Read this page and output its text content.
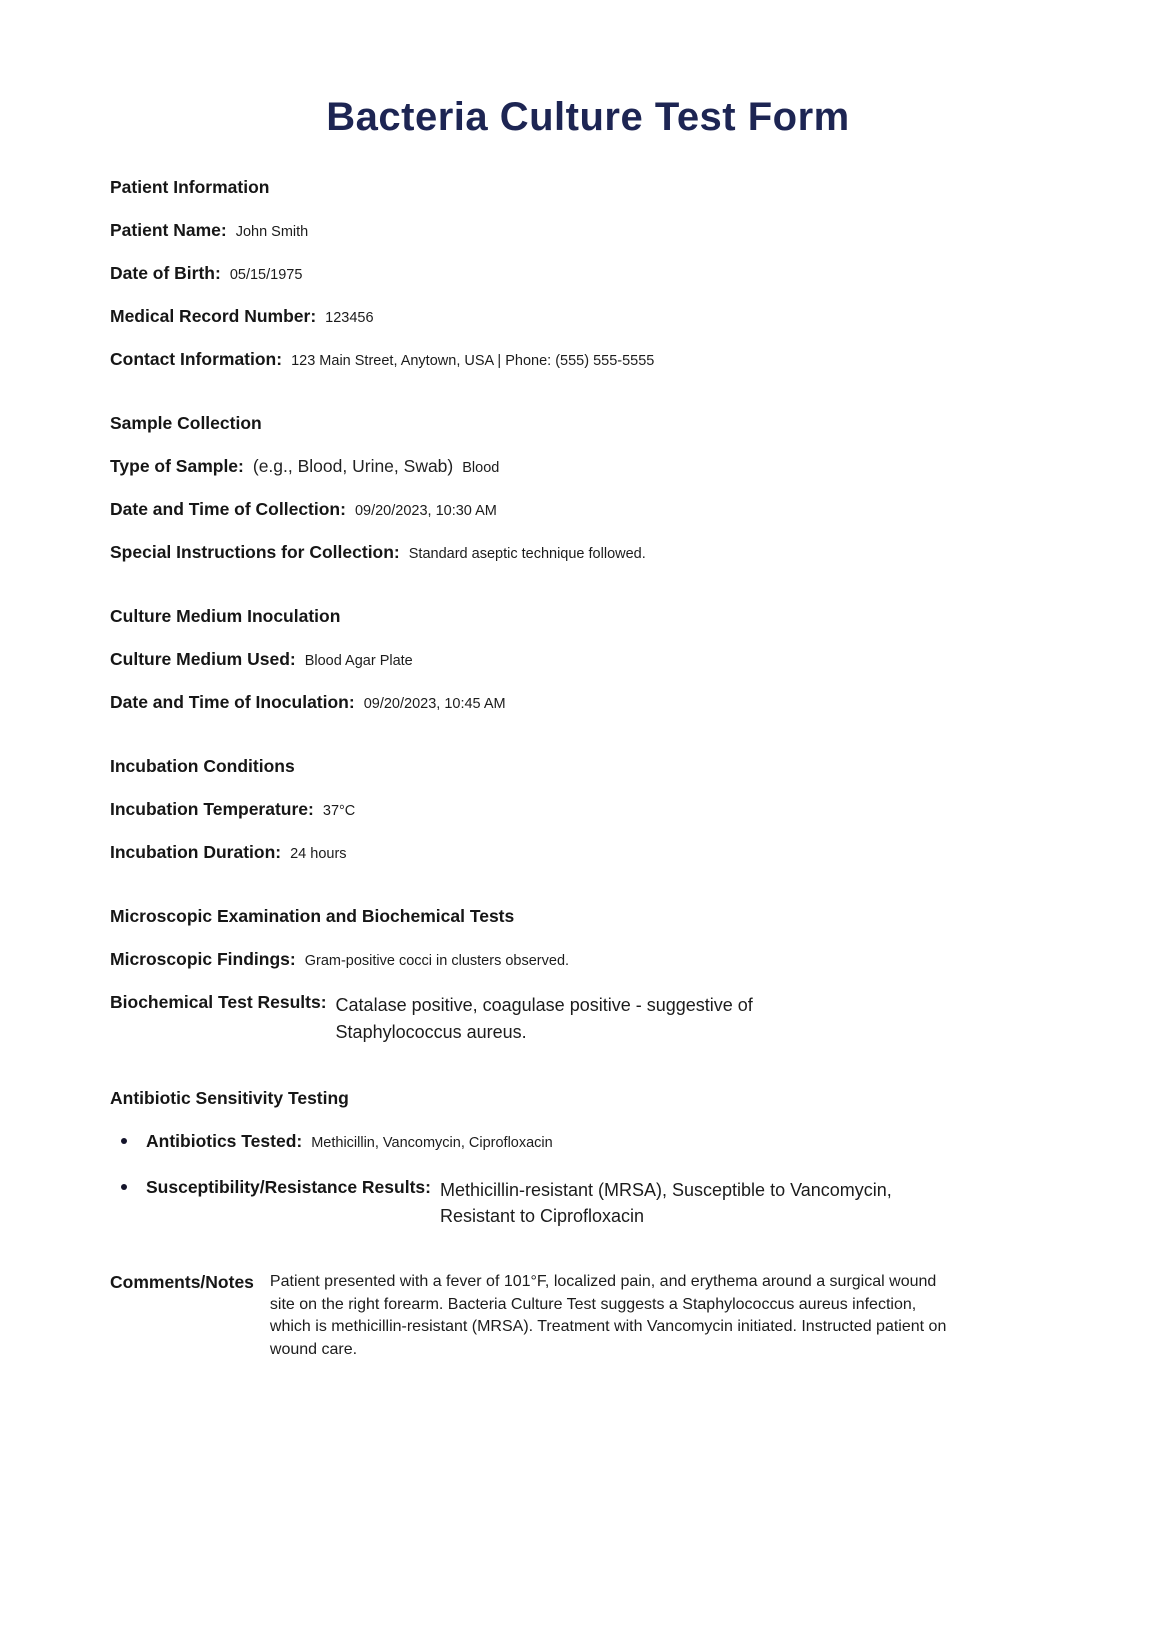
Bacteria Culture Test Form
Patient Information
Patient Name: John Smith
Date of Birth: 05/15/1975
Medical Record Number: 123456
Contact Information: 123 Main Street, Anytown, USA | Phone: (555) 555-5555
Sample Collection
Type of Sample: (e.g., Blood, Urine, Swab) Blood
Date and Time of Collection: 09/20/2023, 10:30 AM
Special Instructions for Collection: Standard aseptic technique followed.
Culture Medium Inoculation
Culture Medium Used: Blood Agar Plate
Date and Time of Inoculation: 09/20/2023, 10:45 AM
Incubation Conditions
Incubation Temperature: 37°C
Incubation Duration: 24 hours
Microscopic Examination and Biochemical Tests
Microscopic Findings: Gram-positive cocci in clusters observed.
Biochemical Test Results: Catalase positive, coagulase positive - suggestive of Staphylococcus aureus.
Antibiotic Sensitivity Testing
Antibiotics Tested: Methicillin, Vancomycin, Ciprofloxacin
Susceptibility/Resistance Results: Methicillin-resistant (MRSA), Susceptible to Vancomycin, Resistant to Ciprofloxacin
Comments/Notes Patient presented with a fever of 101°F, localized pain, and erythema around a surgical wound site on the right forearm. Bacteria Culture Test suggests a Staphylococcus aureus infection, which is methicillin-resistant (MRSA). Treatment with Vancomycin initiated. Instructed patient on wound care.
